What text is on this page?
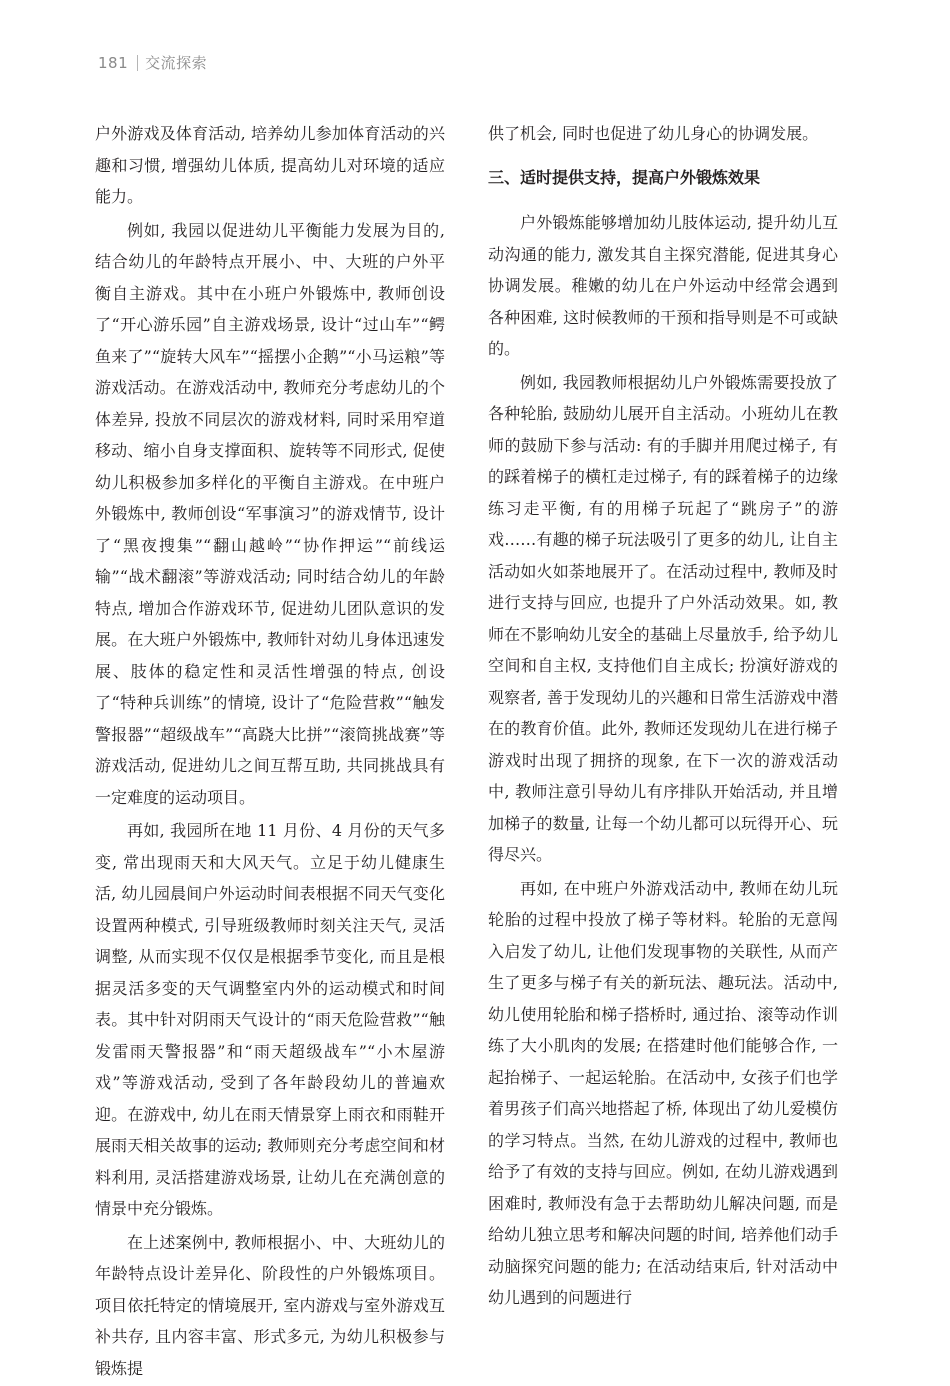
181 交流探索

户外游戏及体育活动, 培养幼儿参加体育活动的兴趣和习惯, 增强幼儿体质, 提高幼儿对环境的适应能力。

例如, 我园以促进幼儿平衡能力发展为目的, 结合幼儿的年龄特点开展小、中、大班的户外平衡自主游戏。其中在小班户外锻炼中, 教师创设了“开心游乐园”自主游戏场景, 设计“过山车”“鳄鱼来了”“旋转大风车”“摇摆小企鹅”“小马运粮”等游戏活动。在游戏活动中, 教师充分考虑幼儿的个体差异, 投放不同层次的游戏材料, 同时采用窄道移动、缩小自身支撑面积、旋转等不同形式, 促使幼儿积极参加多样化的平衡自主游戏。在中班户外锻炼中, 教师创设“军事演习”的游戏情节, 设计了“黑夜搜集”“翻山越岭”“协作押运”“前线运输”“战术翻滚”等游戏活动; 同时结合幼儿的年龄特点, 增加合作游戏环节, 促进幼儿团队意识的发展。在大班户外锻炼中, 教师针对幼儿身体迅速发展、肢体的稳定性和灵活性增强的特点, 创设了“特种兵训练”的情境, 设计了“危险营救”“触发警报器”“超级战车”“高跷大比拼”“滚筒挑战赛”等游戏活动, 促进幼儿之间互帮互助, 共同挑战具有一定难度的运动项目。

再如, 我园所在地 11 月份、4 月份的天气多变, 常出现雨天和大风天气。立足于幼儿健康生活, 幼儿园晨间户外运动时间表根据不同天气变化设置两种模式, 引导班级教师时刻关注天气, 灵活调整, 从而实现不仅仅是根据季节变化, 而且是根据灵活多变的天气调整室内外的运动模式和时间表。其中针对阴雨天气设计的“雨天危险营救”“触发雷雨天警报器”和“雨天超级战车”“小木屋游戏”等游戏活动, 受到了各年龄段幼儿的普遍欢迎。在游戏中, 幼儿在雨天情景穿上雨衣和雨鞋开展雨天相关故事的运动; 教师则充分考虑空间和材料利用, 灵活搭建游戏场景, 让幼儿在充满创意的情景中充分锻炼。

在上述案例中, 教师根据小、中、大班幼儿的年龄特点设计差异化、阶段性的户外锻炼项目。项目依托特定的情境展开, 室内游戏与室外游戏互补共存, 且内容丰富、形式多元, 为幼儿积极参与锻炼提

供了机会, 同时也促进了幼儿身心的协调发展。

三、适时提供支持，提高户外锻炼效果

户外锻炼能够增加幼儿肢体运动, 提升幼儿互动沟通的能力, 激发其自主探究潜能, 促进其身心协调发展。稚嫩的幼儿在户外运动中经常会遇到各种困难, 这时候教师的干预和指导则是不可或缺的。

例如, 我园教师根据幼儿户外锻炼需要投放了各种轮胎, 鼓励幼儿展开自主活动。小班幼儿在教师的鼓励下参与活动: 有的手脚并用爬过梯子, 有的踩着梯子的横杠走过梯子, 有的踩着梯子的边缘练习走平衡, 有的用梯子玩起了“跳房子”的游戏……有趣的梯子玩法吸引了更多的幼儿, 让自主活动如火如荼地展开了。在活动过程中, 教师及时进行支持与回应, 也提升了户外活动效果。如, 教师在不影响幼儿安全的基础上尽量放手, 给予幼儿空间和自主权, 支持他们自主成长; 扮演好游戏的观察者, 善于发现幼儿的兴趣和日常生活游戏中潜在的教育价值。此外, 教师还发现幼儿在进行梯子游戏时出现了拥挤的现象, 在下一次的游戏活动中, 教师注意引导幼儿有序排队开始活动, 并且增加梯子的数量, 让每一个幼儿都可以玩得开心、玩得尽兴。

再如, 在中班户外游戏活动中, 教师在幼儿玩轮胎的过程中投放了梯子等材料。轮胎的无意闯入启发了幼儿, 让他们发现事物的关联性, 从而产生了更多与梯子有关的新玩法、趣玩法。活动中, 幼儿使用轮胎和梯子搭桥时, 通过抬、滚等动作训练了大小肌肉的发展; 在搭建时他们能够合作, 一起抬梯子、一起运轮胎。在活动中, 女孩子们也学着男孩子们高兴地搭起了桥, 体现出了幼儿爱模仿的学习特点。当然, 在幼儿游戏的过程中, 教师也给予了有效的支持与回应。例如, 在幼儿游戏遇到困难时, 教师没有急于去帮助幼儿解决问题, 而是给幼儿独立思考和解决问题的时间, 培养他们动手动脑探究问题的能力; 在活动结束后, 针对活动中幼儿遇到的问题进行
